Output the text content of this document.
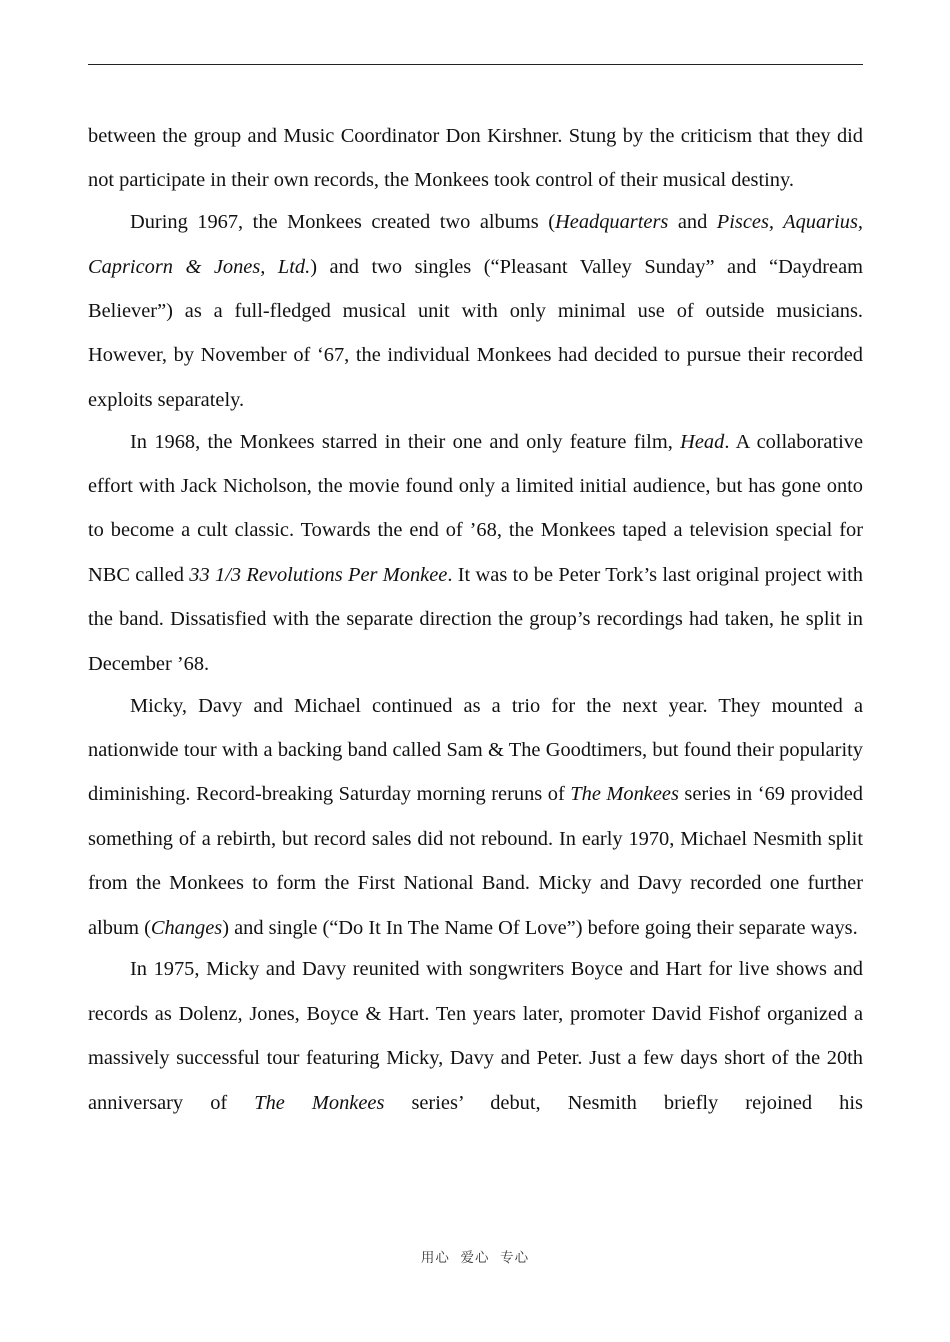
between the group and Music Coordinator Don Kirshner. Stung by the criticism that they did not participate in their own records, the Monkees took control of their musical destiny.

During 1967, the Monkees created two albums (Headquarters and Pisces, Aquarius, Capricorn & Jones, Ltd.) and two singles (“Pleasant Valley Sunday” and “Daydream Believer”) as a full-fledged musical unit with only minimal use of outside musicians. However, by November of ‘67, the individual Monkees had decided to pursue their recorded exploits separately.

In 1968, the Monkees starred in their one and only feature film, Head. A collaborative effort with Jack Nicholson, the movie found only a limited initial audience, but has gone onto to become a cult classic. Towards the end of ’68, the Monkees taped a television special for NBC called 33 1/3 Revolutions Per Monkee. It was to be Peter Tork’s last original project with the band. Dissatisfied with the separate direction the group’s recordings had taken, he split in December ’68.

Micky, Davy and Michael continued as a trio for the next year. They mounted a nationwide tour with a backing band called Sam & The Goodtimers, but found their popularity diminishing. Record-breaking Saturday morning reruns of The Monkees series in ‘69 provided something of a rebirth, but record sales did not rebound. In early 1970, Michael Nesmith split from the Monkees to form the First National Band. Micky and Davy recorded one further album (Changes) and single (“Do It In The Name Of Love”) before going their separate ways.

In 1975, Micky and Davy reunited with songwriters Boyce and Hart for live shows and records as Dolenz, Jones, Boyce & Hart. Ten years later, promoter David Fishof organized a massively successful tour featuring Micky, Davy and Peter. Just a few days short of the 20th anniversary of The Monkees series’ debut, Nesmith briefly rejoined his

用心  爱心  专心
